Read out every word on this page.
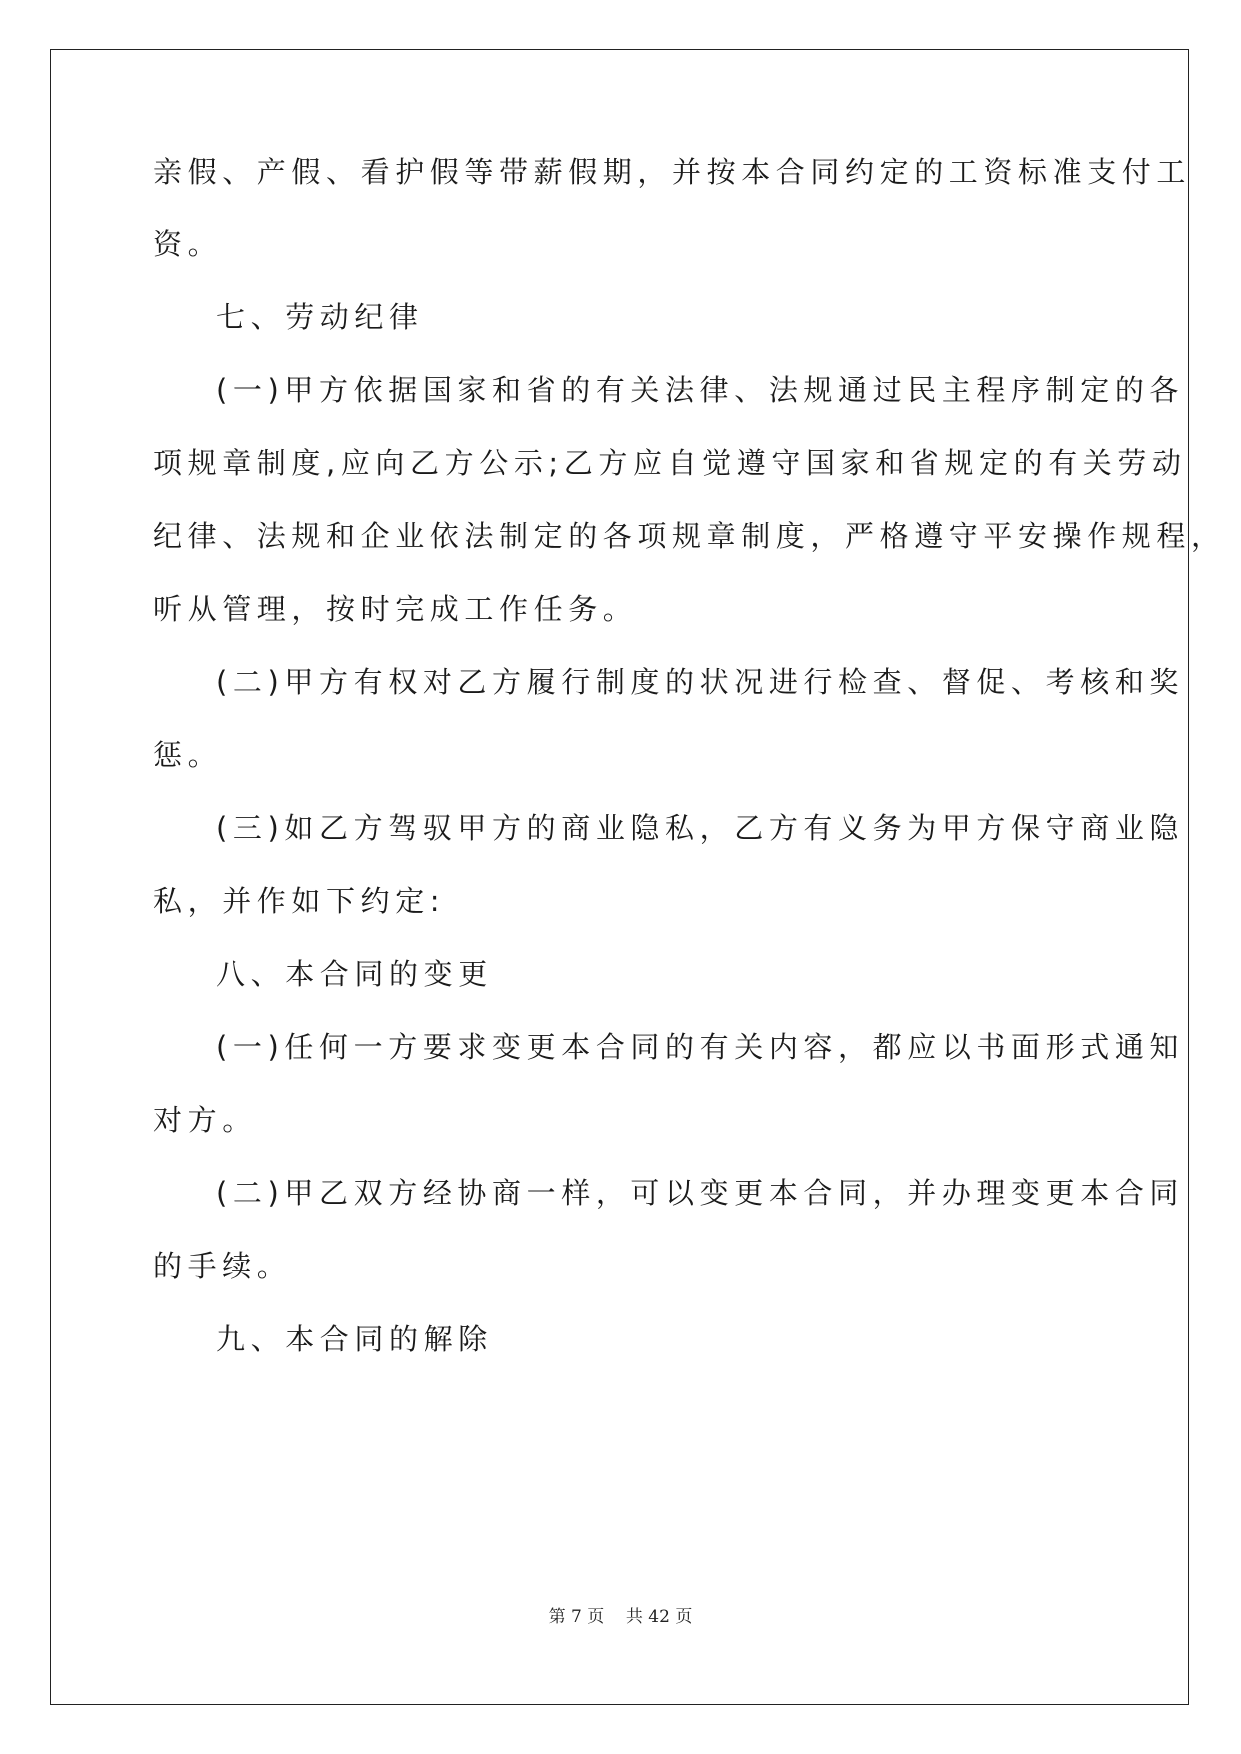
亲假、产假、看护假等带薪假期，并按本合同约定的工资标准支付工
资。
七、劳动纪律
(一)甲方依据国家和省的有关法律、法规通过民主程序制定的各
项规章制度,应向乙方公示;乙方应自觉遵守国家和省规定的有关劳动
纪律、法规和企业依法制定的各项规章制度，严格遵守平安操作规程，
听从管理，按时完成工作任务。
(二)甲方有权对乙方履行制度的状况进行检查、督促、考核和奖
惩。
(三)如乙方驾驭甲方的商业隐私，乙方有义务为甲方保守商业隐
私，并作如下约定:
八、本合同的变更
(一)任何一方要求变更本合同的有关内容，都应以书面形式通知
对方。
(二)甲乙双方经协商一样，可以变更本合同，并办理变更本合同
的手续。
九、本合同的解除
第 7 页    共 42 页
